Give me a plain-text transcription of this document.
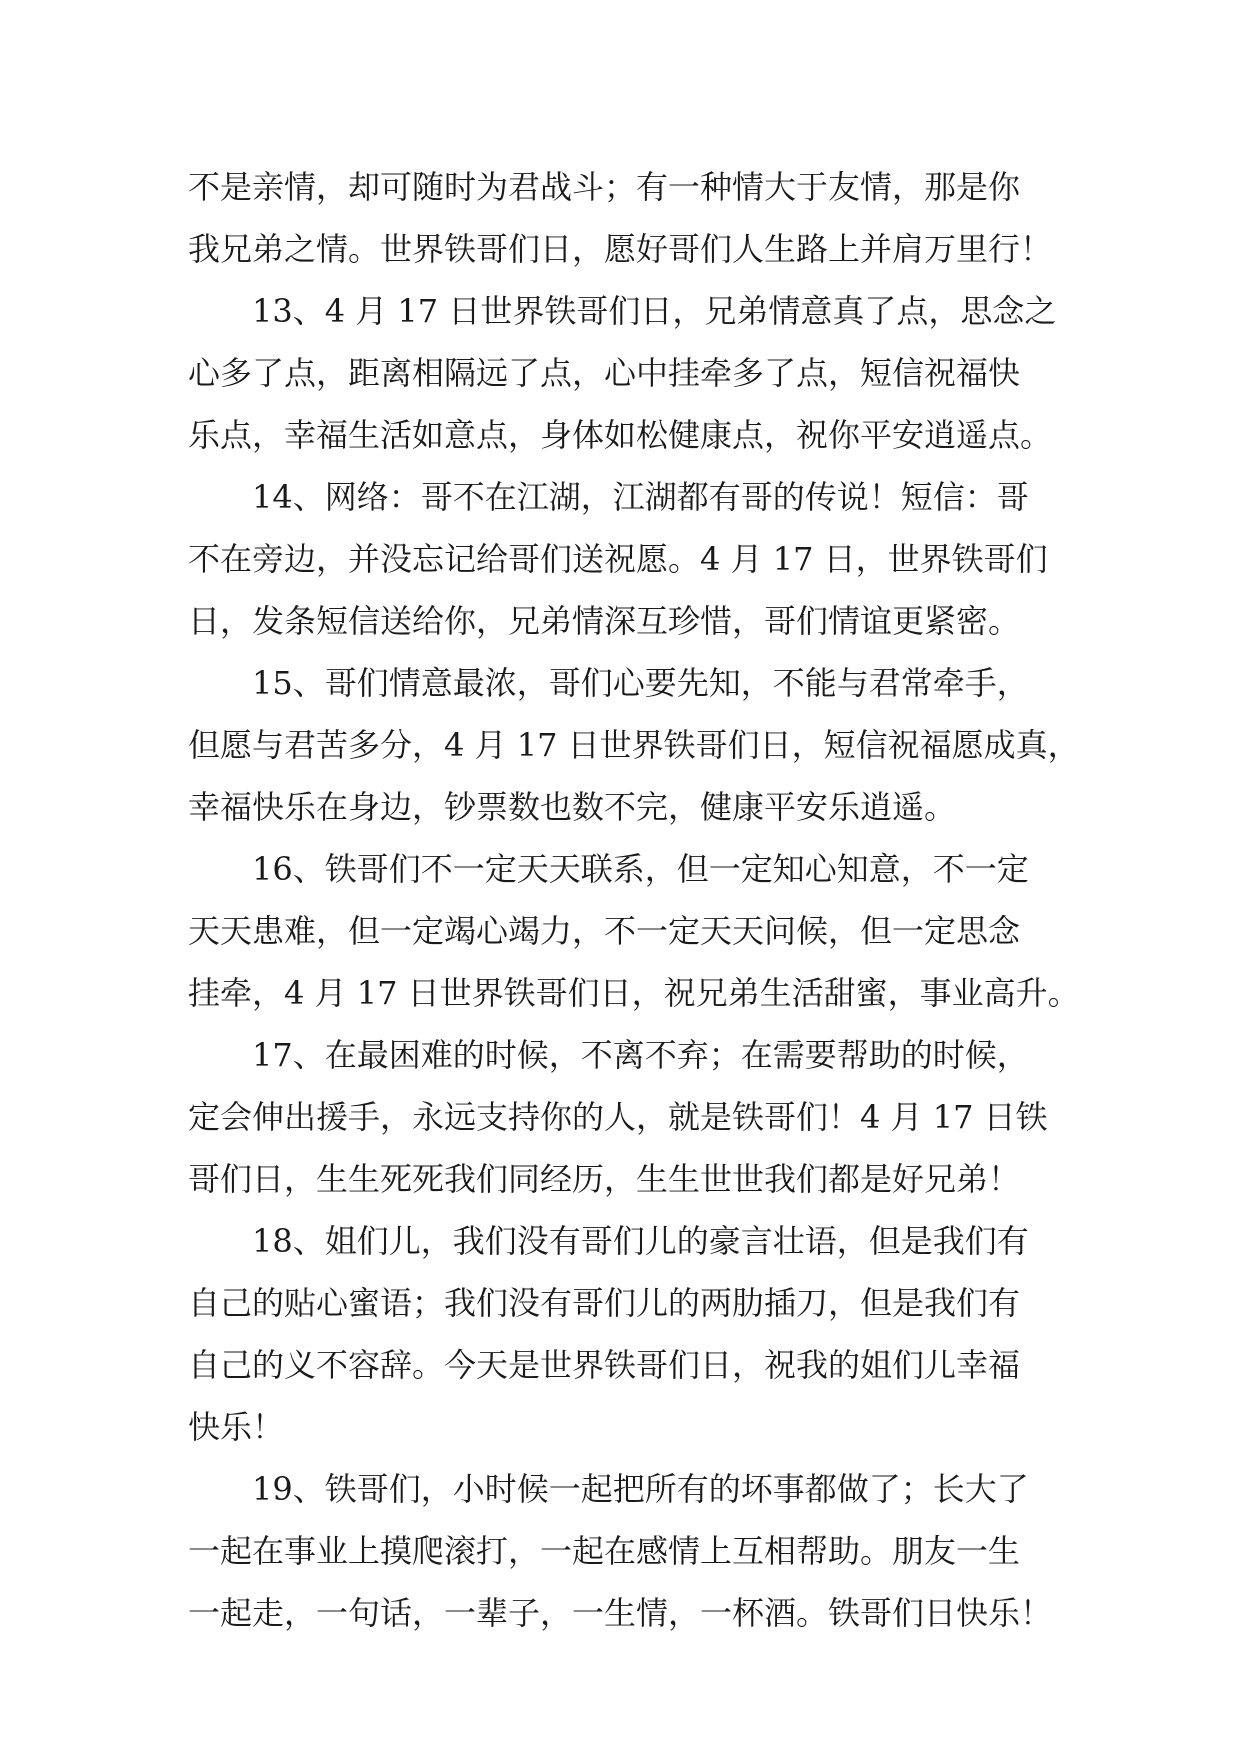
不是亲情，却可随时为君战斗；有一种情大于友情，那是你
我兄弟之情。世界铁哥们日，愿好哥们人生路上并肩万里行！
13、4 月 17 日世界铁哥们日，兄弟情意真了点，思念之
心多了点，距离相隔远了点，心中挂牵多了点，短信祝福快
乐点，幸福生活如意点，身体如松健康点，祝你平安逍遥点。
14、网络：哥不在江湖，江湖都有哥的传说！短信：哥
不在旁边，并没忘记给哥们送祝愿。4 月 17 日，世界铁哥们
日，发条短信送给你，兄弟情深互珍惜，哥们情谊更紧密。
15、哥们情意最浓，哥们心要先知，不能与君常牵手，
但愿与君苦多分，4 月 17 日世界铁哥们日，短信祝福愿成真，
幸福快乐在身边，钞票数也数不完，健康平安乐逍遥。
16、铁哥们不一定天天联系，但一定知心知意，不一定
天天患难，但一定竭心竭力，不一定天天问候，但一定思念
挂牵，4 月 17 日世界铁哥们日，祝兄弟生活甜蜜，事业高升。
17、在最困难的时候，不离不弃；在需要帮助的时候，
定会伸出援手，永远支持你的人，就是铁哥们！4 月 17 日铁
哥们日，生生死死我们同经历，生生世世我们都是好兄弟！
18、姐们儿，我们没有哥们儿的豪言壮语，但是我们有
自己的贴心蜜语；我们没有哥们儿的两肋插刀，但是我们有
自己的义不容辞。今天是世界铁哥们日，祝我的姐们儿幸福
快乐！
19、铁哥们，小时候一起把所有的坏事都做了；长大了
一起在事业上摸爬滚打，一起在感情上互相帮助。朋友一生
一起走，一句话，一辈子，一生情，一杯酒。铁哥们日快乐！
